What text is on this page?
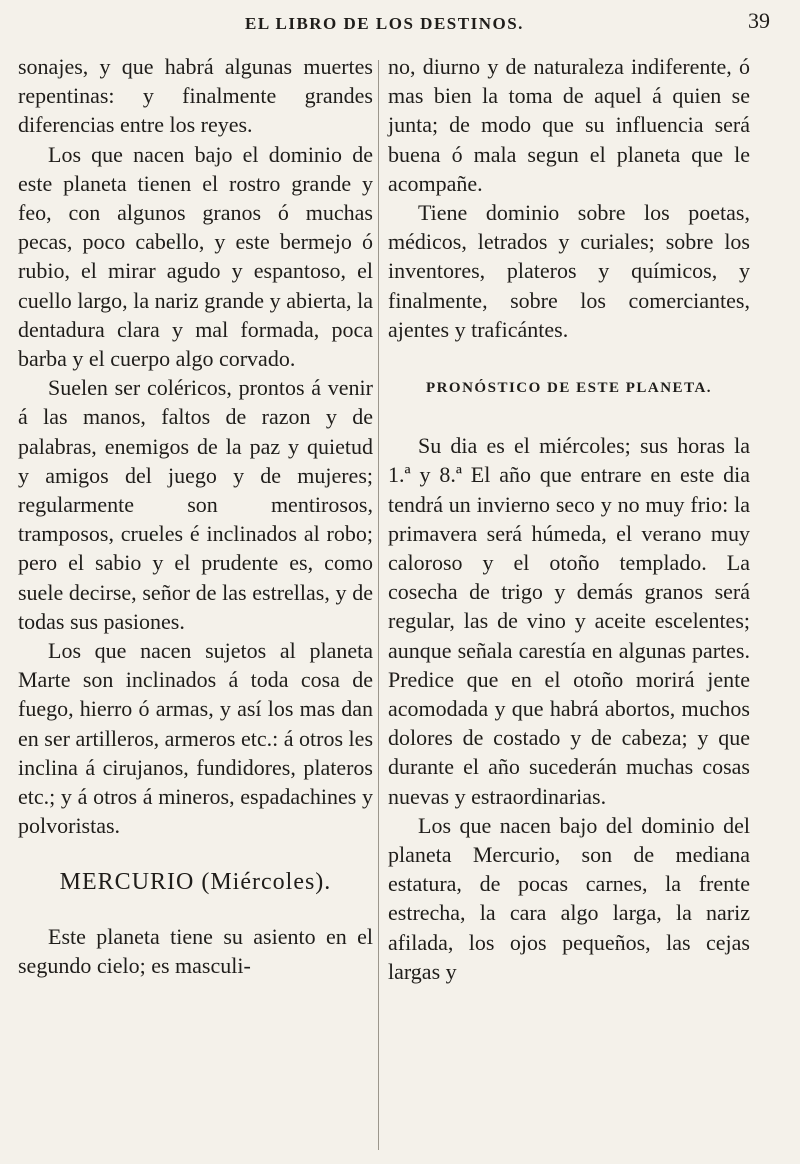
EL LIBRO DE LOS DESTINOS.	39

sonajes, y que habrá algunas muertes repentinas: y finalmente grandes diferencias entre los reyes.

Los que nacen bajo el dominio de este planeta tienen el rostro grande y feo, con algunos granos ó muchas pecas, poco cabello, y este bermejo ó rubio, el mirar agudo y espantoso, el cuello largo, la nariz grande y abierta, la dentadura clara y mal formada, poca barba y el cuerpo algo corvado.

Suelen ser coléricos, prontos á venir á las manos, faltos de razon y de palabras, enemigos de la paz y quietud y amigos del juego y de mujeres; regularmente son mentirosos, tramposos, crueles é inclinados al robo; pero el sabio y el prudente es, como suele decirse, señor de las estrellas, y de todas sus pasiones.

Los que nacen sujetos al planeta Marte son inclinados á toda cosa de fuego, hierro ó armas, y así los mas dan en ser artilleros, armeros etc.: á otros les inclina á cirujanos, fundidores, plateros etc.; y á otros á mineros, espadachines y polvoristas.

MERCURIO (Miércoles).

Este planeta tiene su asiento en el segundo cielo; es masculi-

no, diurno y de naturaleza indiferente, ó mas bien la toma de aquel á quien se junta; de modo que su influencia será buena ó mala segun el planeta que le acompañe.

Tiene dominio sobre los poetas, médicos, letrados y curiales; sobre los inventores, plateros y químicos, y finalmente, sobre los comerciantes, ajentes y traficántes.

PRONÓSTICO DE ESTE PLANETA.

Su dia es el miércoles; sus horas la 1.ª y 8.ª El año que entrare en este dia tendrá un invierno seco y no muy frio: la primavera será húmeda, el verano muy caloroso y el otoño templado. La cosecha de trigo y demás granos será regular, las de vino y aceite escelentes; aunque señala carestía en algunas partes. Predice que en el otoño morirá jente acomodada y que habrá abortos, muchos dolores de costado y de cabeza; y que durante el año sucederán muchas cosas nuevas y estraordinarias.

Los que nacen bajo del dominio del planeta Mercurio, son de mediana estatura, de pocas carnes, la frente estrecha, la cara algo larga, la nariz afilada, los ojos pequeños, las cejas largas y
